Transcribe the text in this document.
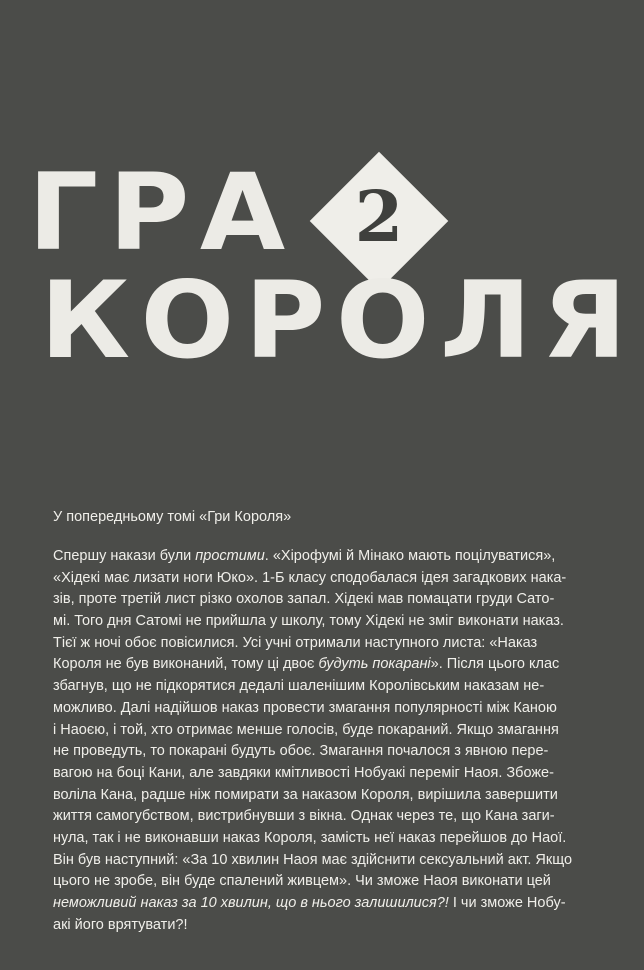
ГРА 2
КОРОЛЯ
У попередньому томі «Гри Короля»
Спершу накази були простими. «Хірофумі й Мінако мають поцілуватися»,
«Хідекі має лизати ноги Юко». 1-Б класу сподобалася ідея загадкових нака-
зів, проте третій лист різко охолов запал. Хідекі мав помацати груди Сато-
мі. Того дня Сатомі не прийшла у школу, тому Хідекі не зміг виконати наказ.
Тієї ж ночі обоє повісилися. Усі учні отримали наступного листа: «Наказ
Короля не був виконаний, тому ці двоє будуть покарані». Після цього клас
збагнув, що не підкорятися дедалі шаленішим Королівським наказам не-
можливо. Далі надійшов наказ провести змагання популярності між Каною
і Наоєю, і той, хто отримає менше голосів, буде покараний. Якщо змагання
не проведуть, то покарані будуть обоє. Змагання почалося з явною пере-
вагою на боці Кани, але завдяки кмітливості Нобуакі переміг Наоя. Збоже-
воліла Кана, радше ніж помирати за наказом Короля, вирішила завершити
життя самогубством, вистрибнувши з вікна. Однак через те, що Кана заги-
нула, так і не виконавши наказ Короля, замість неї наказ перейшов до Наої.
Він був наступний: «За 10 хвилин Наоя має здійснити сексуальний акт. Якщо
цього не зробе, він буде спалений живцем». Чи зможе Наоя виконати цей
неможливий наказ за 10 хвилин, що в нього залишилися?! І чи зможе Нобу-
акі його врятувати?!
